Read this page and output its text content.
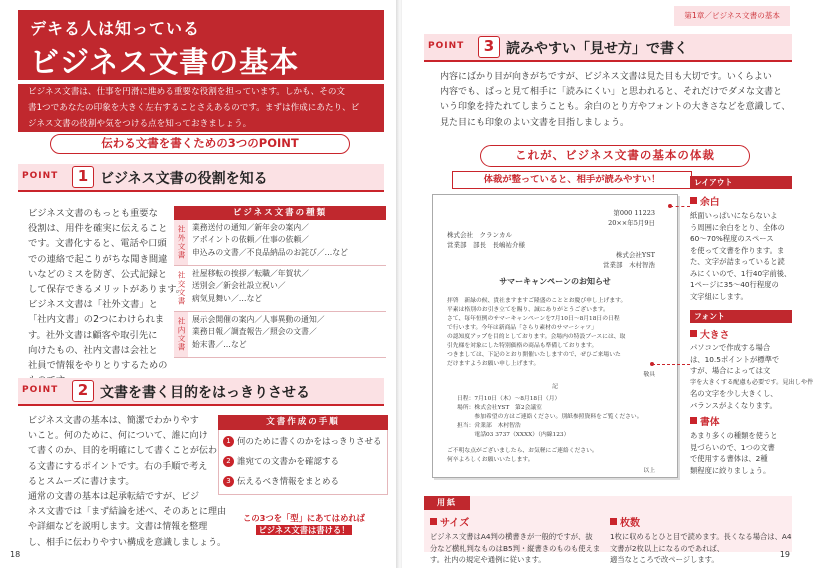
デキる人は知っている
ビジネス文書の基本
ビジネス文書は、仕事を円滑に進める重要な役割を担っています。しかも、その文
書1つであなたの印象を大きく左右することさえあるのです。まずは作成にあたり、ビ
ジネス文書の役割や気をつける点を知っておきましょう。
伝わる文書を書くための3つのPOINT
POINT	1 ビジネス文書の役割を知る
ビジネス文書のもっとも重要な
役割は、用件を確実に伝えること
です。文書化すると、電話や口頭
での連絡で起こりがちな聞き間違
いなどのミスを防ぎ、公式記録と
して保存できるメリットがあります。
ビジネス文書は「社外文書」と
「社内文書」の2つにわけられま
す。社外文書は顧客や取引先に
向けたもの、社内文書は会社と
社員で情報をやりとりするための
ビジネス文書の種類
社外文書 業務送付の通知／新年会の案内／
アポイントの依頼／仕事の依頼／
申込みの文書／不良品納品のお詫び／…など
社交文書 社屋移転の挨拶／転職／年賀状／
送別会／新会社設立祝い／
病気見舞い／…など
社内文書 展示会開催の案内／人事異動の通知／
業務日報／調査報告／照会の文書／
始末書／…など
POINT	2 文書を書く目的をはっきりさせる
ビジネス文書の基本は、簡潔でわかりやす
いこと。何のために、何について、誰に向け
て書くのか、目的を明確にして書くことが伝わ
る文書にするポイントです。右の手順で考え
るとスムーズに書けます。
通常の文書の基本は起承転結ですが、ビジ
ネス文書では「まず結論を述べ、そのあとに理由
や詳細などを説明します。文書は情報を整理
し、相手に伝わりやすい構成を意識しましょう。
文書作成の手順
1 何のために書くのかをはっきりさせる
2 誰宛ての文書かを確認する
3 伝えるべき情報をまとめる
この3つを「型」にあてはめれば
ビジネス文書は書ける！
18
第1章／ビジネス文書の基本
POINT	3 読みやすい「見せ方」で書く
内容にばかり目が向きがちですが、ビジネス文書は見た目も大切です。いくらよい
内容でも、ぱっと見て相手に「読みにくい」と思われると、それだけでダメな文書と
いう印象を持たれてしまうことも。余白のとり方やフォントの大きさなどを意識して、
見た目にも印象のよい文書を目指しましょう。
これが、ビジネス文書の基本の体裁
体裁が整っていると、相手が読みやすい！
第000 11223
20××年5月9日
株式会社　クランカル
営業部　部長　長嶋祐介様
株式会社YST
営業部　木村智浩
サマーキャンペーンのお知らせ
拝啓　新緑の候、貴社ますますご隆盛のこととお慶び申し上げます。
平素は格別のお引き立てを賜り、誠にありがとうございます。
さて、毎年恒例のサマーキャンペーンを7月10日〜8月18日の日程
で行います。今年は新商品「さらり素材のサマーシャツ」
の認知度アップを目的としております。会場内の特設ブースには、取
引先様を対象にした特別価格の商品も準備しております。
つきましては、下記のとおり開催いたしますので、ぜひご来場いた
だけますようお願い申し上げます。
敬具
記
日程：7月10日（木）〜8月18日（月）
場所：株式会社YST　第2会議室
　　　参加希望の方はご連絡ください。別紙参照資料をご覧ください。
担当：営業部　木村智浩
　　　電話03 3737（XXXX）（内線123）
ご不明な点がございましたら、お気軽にご連絡ください。
何卒よろしくお願いいたします。
以上
レイアウト
余白
紙面いっぱいにならないよ
う周囲に余白をとり、全体の
60〜70%程度のスペース
を使って文書を作ります。ま
た、文字が詰まっていると読
みにくいので、1行40字前後、
1ページに35〜40行程度の
文字組にします。
フォント
大きさ
パソコンで作成する場合
は、10.5ポイントが標準で
すが、場合によっては文
字を大きくする配慮も必要です。見出しや件
名の文字を少し大きくし、
バランスがよくなります。
書体
あまり多くの種類を使うと
見づらいので、1つの文書
で使用する書体は、2種
類程度に絞りましょう。
用紙
サイズ
ビジネス文書はA4判の横書きが一般的ですが、抜
分など横札判なものはB5判・縦書きのものも使えま
す。社内の規定や通例に従います。
枚数
1枚に収めるとひと目で読めます。長くなる場合は、A4
文書が2枚以上になるのであれば、
適当なところで改ページします。
19
